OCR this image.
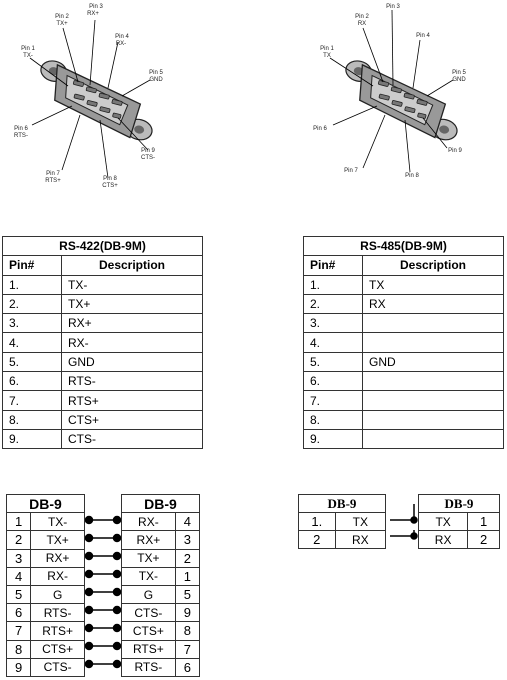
Pin 3
RX+
Pin 2
TX+
Pin 4
RX-
Pin 1
TX-
Pin 5
GND
Pin 6
RTS-
Pin 9
CTS-
Pin 7
RTS+	Pin 8
CTS+
Pin 3
Pin 2
RX
Pin 4
Pin 1
TX
Pin 5
GND
Pin 6
Pin 9
Pin 7
Pin 8
RS-422(DB-9M)	
Pin#	Description
1.	TX-
2.	TX+
3.	RX+
4.	RX-
5.	GND
6.	RTS-
7.	RTS+
8.	CTS+
9.	CTS-
RS-485(DB-9M)	
Pin#	Description
1.	TX
2.	RX
3.	
4.	
5.	GND
6.	
7.	
8.	
9.	
DB-9	
1	TX-
2	TX+
3	RX+
4	RX-
5	G
6	RTS-
7	RTS+
8	CTS+
9	CTS-
DB-9	
RX-	4
RX+	3
TX+	2
TX-	1
G	5
CTS-	9
CTS+	8
RTS+	7
RTS-	6
DB-9	
1.	TX
2	RX
DB-9	
TX	1
RX	2
